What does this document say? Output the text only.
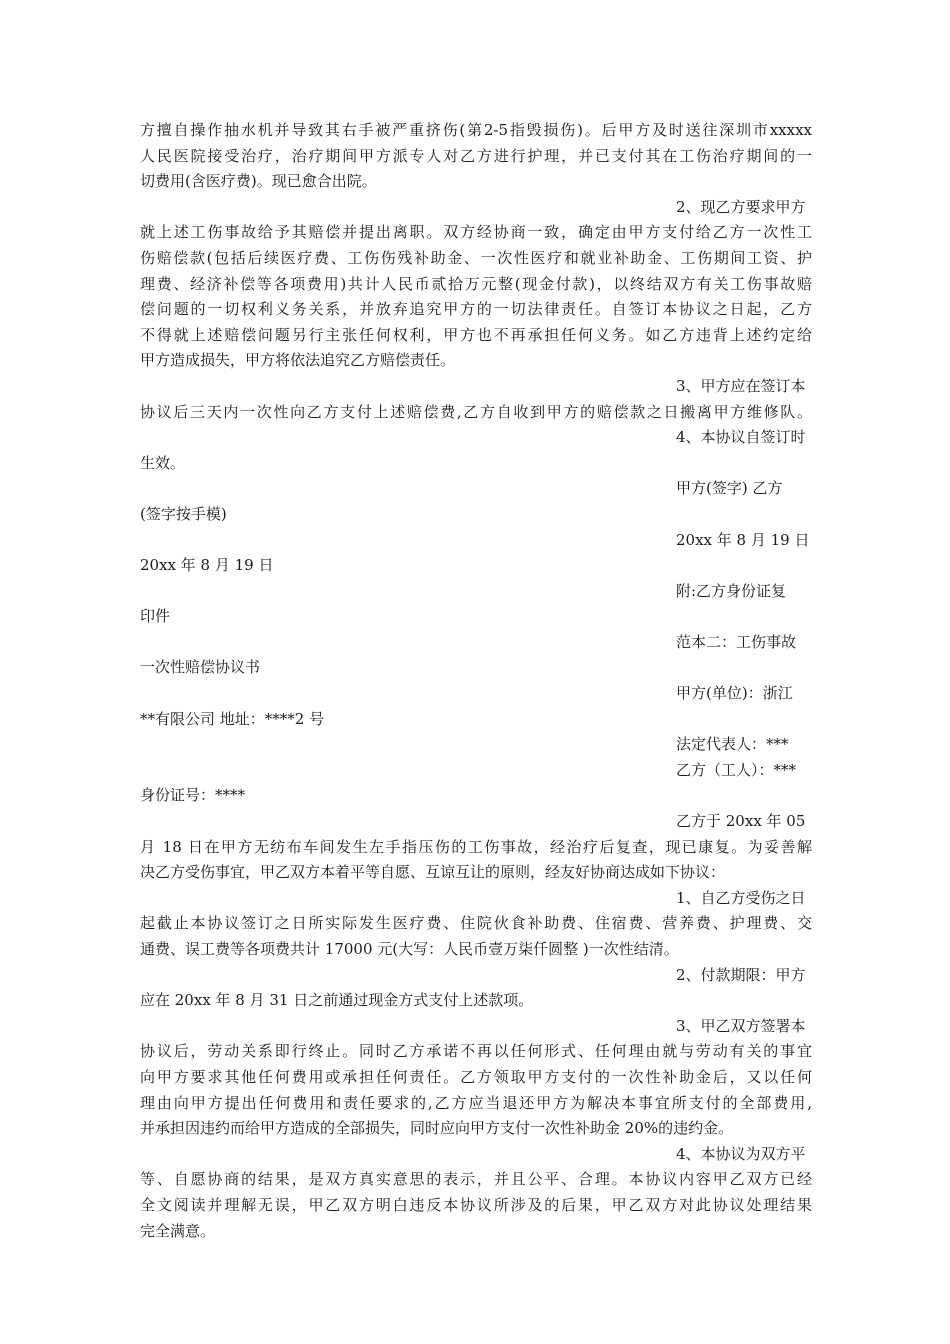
方擅自操作抽水机并导致其右手被严重挤伤(第2-5指毁损伤)。后甲方及时送往深圳市xxxxx
人民医院接受治疗，治疗期间甲方派专人对乙方进行护理，并已支付其在工伤治疗期间的一
切费用(含医疗费)。现已愈合出院。
2、现乙方要求甲方
就上述工伤事故给予其赔偿并提出离职。双方经协商一致，确定由甲方支付给乙方一次性工
伤赔偿款(包括后续医疗费、工伤伤残补助金、一次性医疗和就业补助金、工伤期间工资、护
理费、经济补偿等各项费用)共计人民币贰拾万元整(现金付款)，以终结双方有关工伤事故赔
偿问题的一切权利义务关系，并放弃追究甲方的一切法律责任。自签订本协议之日起，乙方
不得就上述赔偿问题另行主张任何权利，甲方也不再承担任何义务。如乙方违背上述约定给
甲方造成损失，甲方将依法追究乙方赔偿责任。
3、甲方应在签订本
协议后三天内一次性向乙方支付上述赔偿费,乙方自收到甲方的赔偿款之日搬离甲方维修队。
4、本协议自签订时
生效。
甲方(签字) 乙方
(签字按手模)
20xx 年 8 月 19 日
20xx 年 8 月 19 日
附:乙方身份证复
印件
范本二：工伤事故
一次性赔偿协议书
甲方(单位)：浙江
**有限公司 地址：****2 号
法定代表人：***
乙方（工人）：***
身份证号：****
乙方于 20xx 年 05
月 18 日在甲方无纺布车间发生左手指压伤的工伤事故，经治疗后复查，现已康复。为妥善解
决乙方受伤事宜，甲乙双方本着平等自愿、互谅互让的原则，经友好协商达成如下协议：
1、自乙方受伤之日
起截止本协议签订之日所实际发生医疗费、住院伙食补助费、住宿费、营养费、护理费、交
通费、误工费等各项费共计 17000 元(大写：人民币壹万柒仟圆整 )一次性结清。
2、付款期限：甲方
应在 20xx 年 8 月 31 日之前通过现金方式支付上述款项。
3、甲乙双方签署本
协议后，劳动关系即行终止。同时乙方承诺不再以任何形式、任何理由就与劳动有关的事宜
向甲方要求其他任何费用或承担任何责任。乙方领取甲方支付的一次性补助金后，又以任何
理由向甲方提出任何费用和责任要求的,乙方应当退还甲方为解决本事宜所支付的全部费用,
并承担因违约而给甲方造成的全部损失，同时应向甲方支付一次性补助金 20%的违约金。
4、本协议为双方平
等、自愿协商的结果，是双方真实意思的表示，并且公平、合理。本协议内容甲乙双方已经
全文阅读并理解无误，甲乙双方明白违反本协议所涉及的后果，甲乙双方对此协议处理结果
完全满意。
